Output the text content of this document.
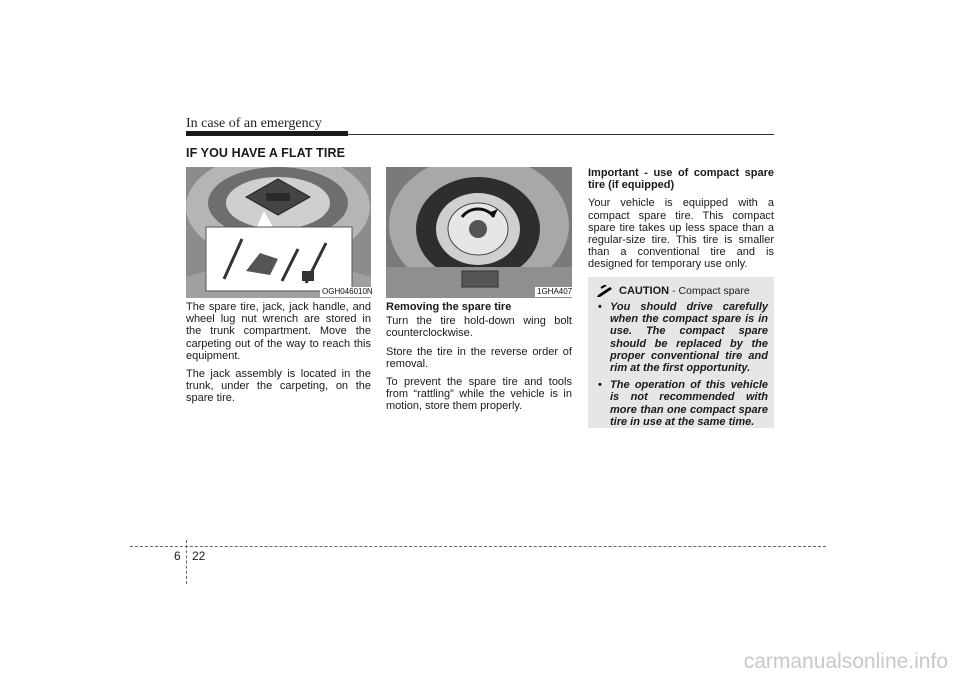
In case of an emergency
IF YOU HAVE A FLAT TIRE
OGH046010N

The spare tire, jack, jack handle, and wheel lug nut wrench are stored in the trunk compartment. Move the carpeting out of the way to reach this equipment.

The jack assembly is located in the trunk, under the carpeting, on the spare tire.

1GHA407

Removing the spare tire

Turn the tire hold-down wing bolt counterclockwise.

Store the tire in the reverse order of removal.

To prevent the spare tire and tools from “rattling” while the vehicle is in motion, store them properly.

Important - use of compact spare tire (if equipped)

Your vehicle is equipped with a compact spare tire. This compact spare tire takes up less space than a regular-size tire. This tire is smaller than a conventional tire and is designed for temporary use only.

CAUTION - Compact spare
• You should drive carefully when the compact spare is in use. The compact spare should be replaced by the proper conventional tire and rim at the first opportunity.
• The operation of this vehicle is not recommended with more than one compact spare tire in use at the same time.
6 22
carmanualsonline.info
